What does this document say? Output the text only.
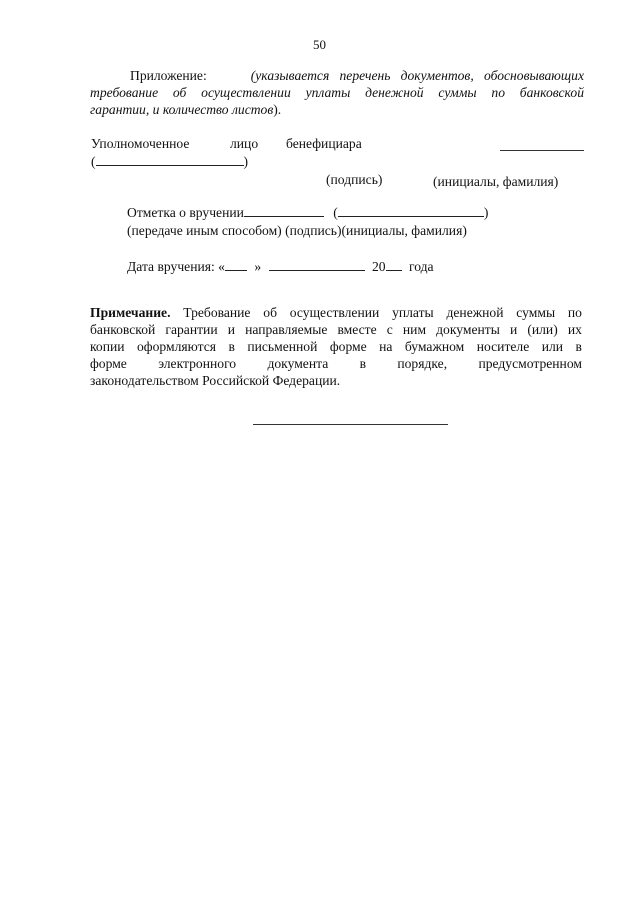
50
Приложение:	(указывается перечень документов, обосновывающих
требование об осуществлении уплаты денежной суммы по банковской
гарантии, и количество листов).
Уполномоченное	лицо бенефициара
(	)
(подпись)	(инициалы, фамилия)
Отметка о вручении	(	)
(передаче иным способом) (подпись)(инициалы, фамилия)
Дата вручения: « »	20 года
Примечание. Требование об осуществлении уплаты денежной суммы по
банковской гарантии и направляемые вместе с ним документы и (или) их
копии оформляются в письменной форме на бумажном носителе или в
форме электронного документа в порядке, предусмотренном
законодательством Российской Федерации.
